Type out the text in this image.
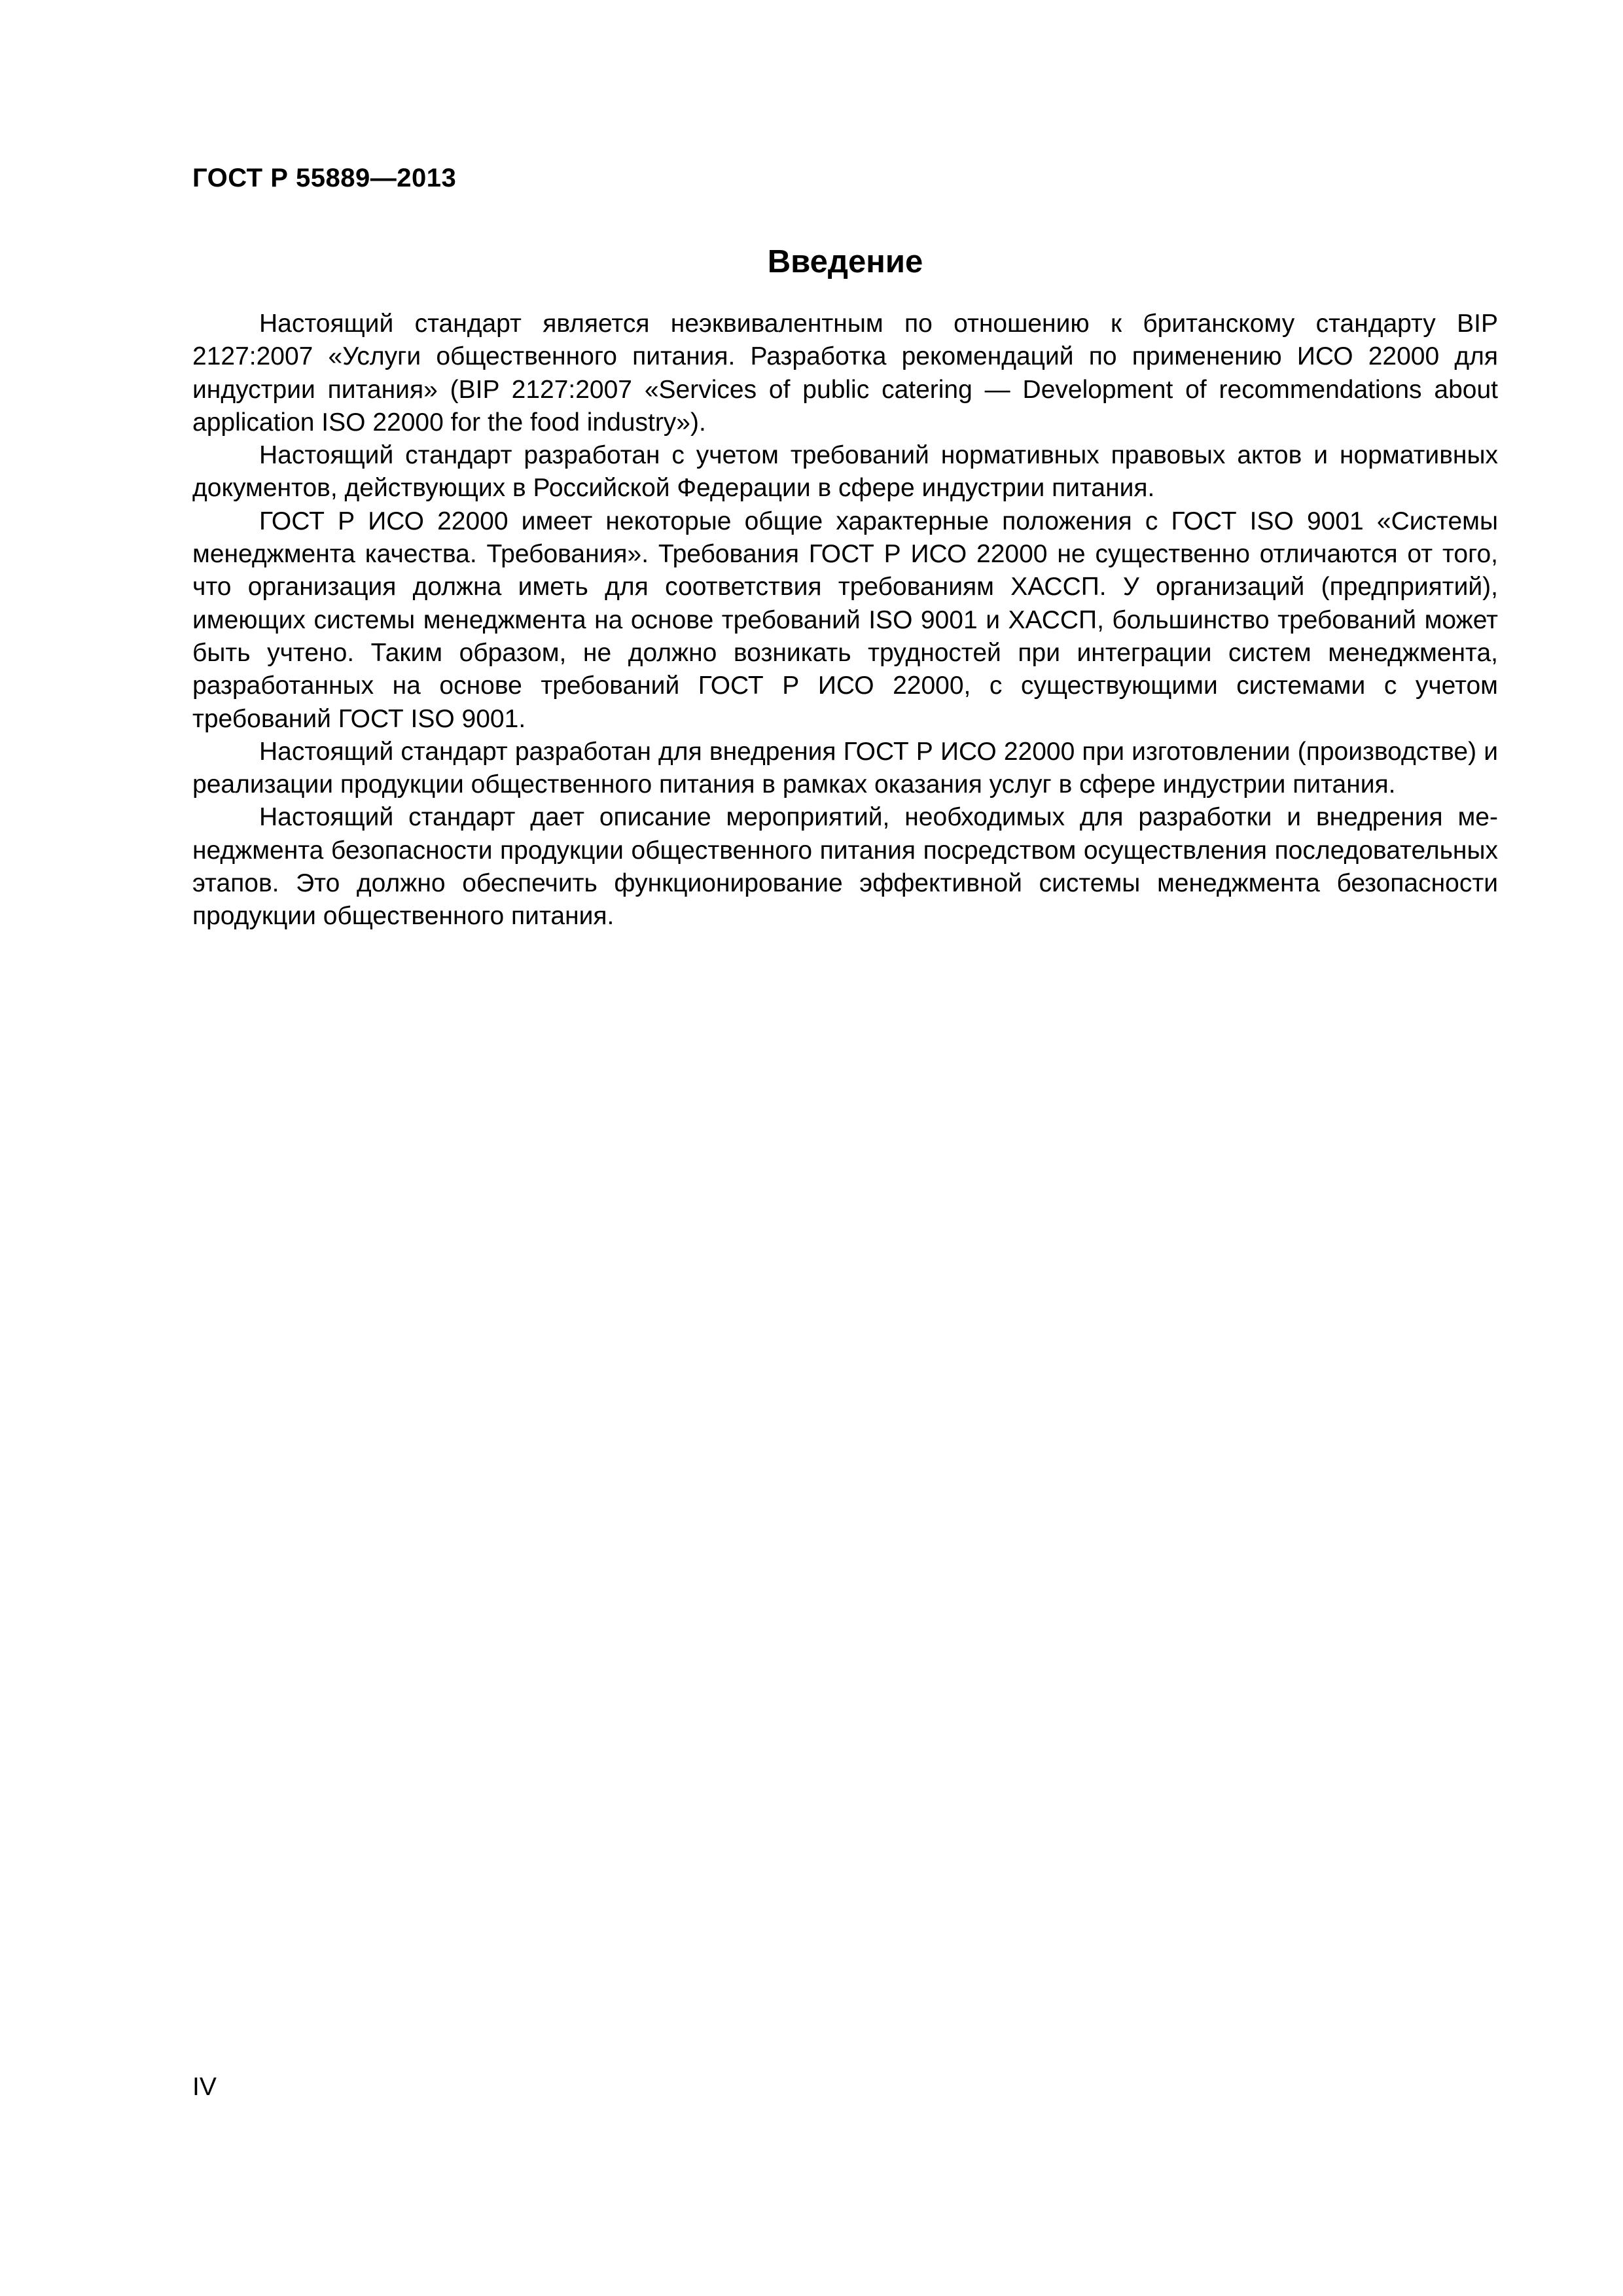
ГОСТ Р 55889—2013
Введение

Настоящий стандарт является неэквивалентным по отношению к британскому стандарту BIP 2127:2007 «Услуги общественного питания. Разработка рекомендаций по применению ИСО 22000 для индустрии питания» (BIP 2127:2007 «Services of public catering — Development of recommendations about application ISO 22000 for the food industry»).

Настоящий стандарт разработан с учетом требований нормативных правовых актов и нормативных документов, действующих в Российской Федерации в сфере индустрии питания.

ГОСТ Р ИСО 22000 имеет некоторые общие характерные положения с ГОСТ ISO 9001 «Системы менеджмента качества. Требования». Требования ГОСТ Р ИСО 22000 не существенно отличаются от того, что организация должна иметь для соответствия требованиям ХАССП. У организаций (предприятий), имеющих системы менеджмента на основе требований ISO 9001 и ХАССП, большинство требований может быть учтено. Таким образом, не должно возникать трудностей при интеграции систем менеджмента, разработанных на основе требований ГОСТ Р ИСО 22000, с существующими системами с учетом требований ГОСТ ISO 9001.

Настоящий стандарт разработан для внедрения ГОСТ Р ИСО 22000 при изготовлении (производстве) и реализации продукции общественного питания в рамках оказания услуг в сфере индустрии питания.

Настоящий стандарт дает описание мероприятий, необходимых для разработки и внедрения менеджмента безопасности продукции общественного питания посредством осуществления последовательных этапов. Это должно обеспечить функционирование эффективной системы менеджмента безопасности продукции общественного питания.

IV
